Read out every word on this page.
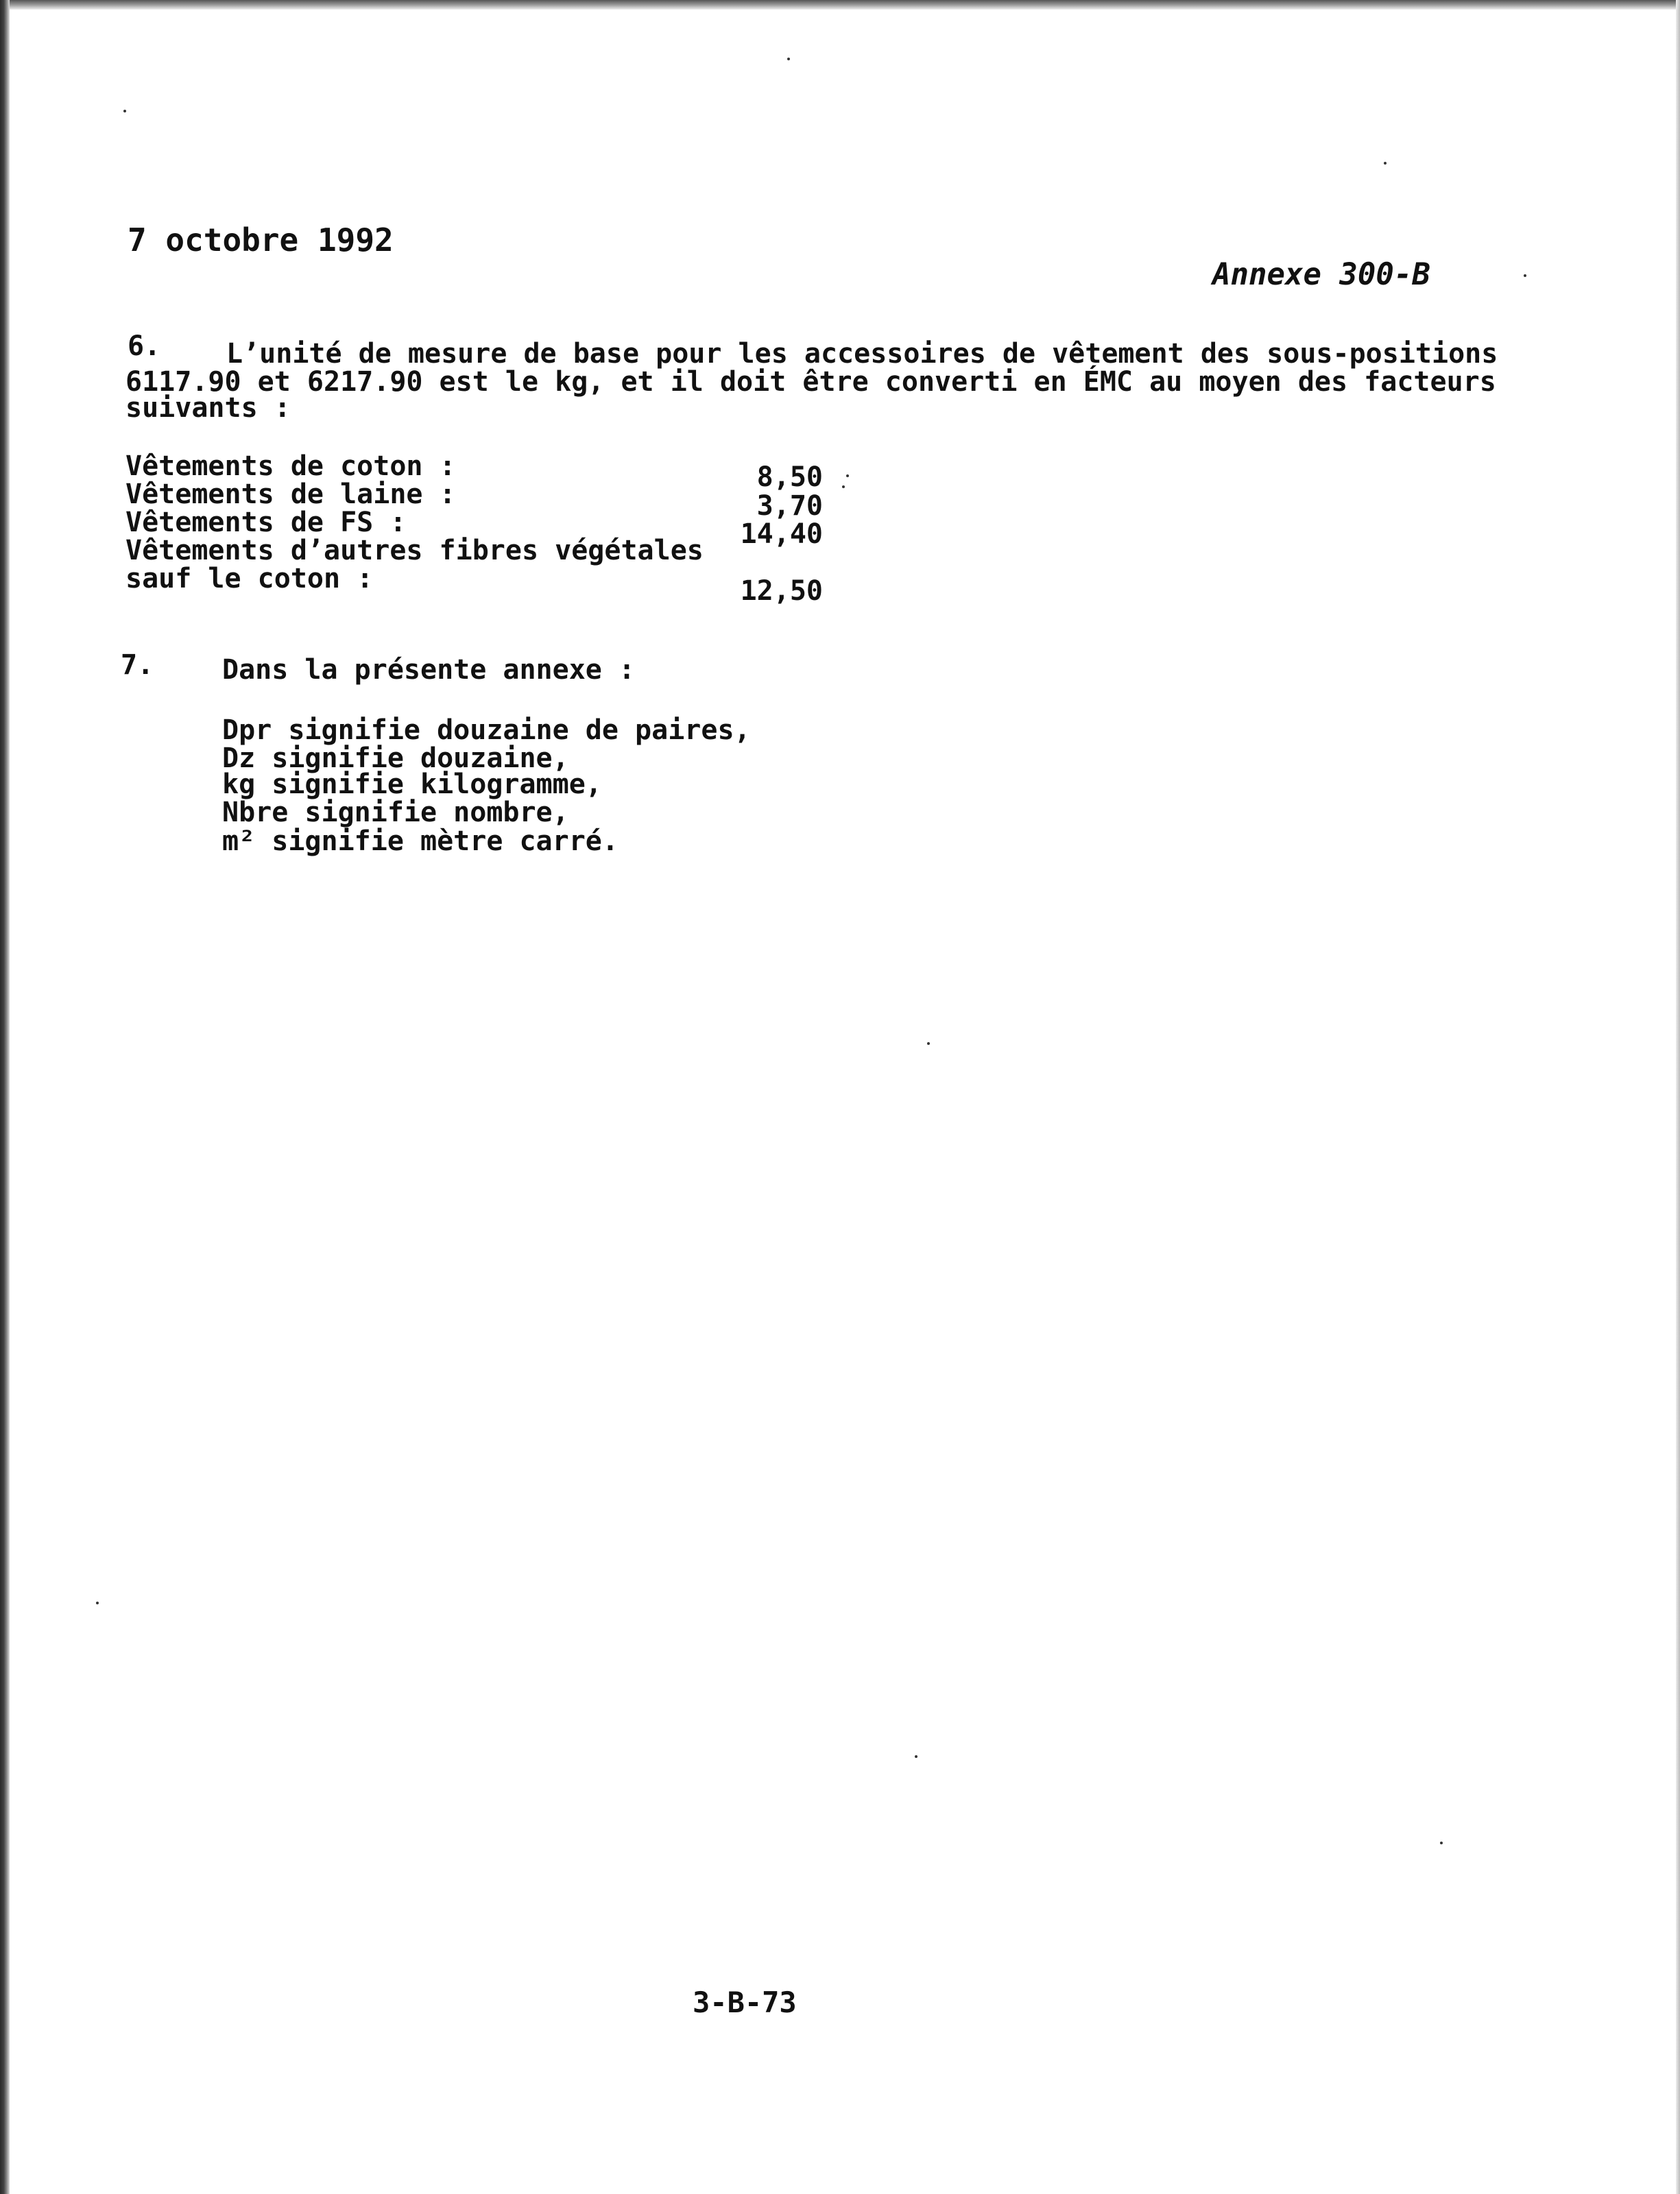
7 octobre 1992
Annexe 300-B
6. L’unité de mesure de base pour les accessoires de vêtement des sous-positions
6117.90 et 6217.90 est le kg, et il doit être converti en ÉMC au moyen des facteurs
suivants :
Vêtements de coton :	8,50
Vêtements de laine :	3,70
Vêtements de FS :	14,40
Vêtements d’autres fibres végétales
sauf le coton :	12,50
7. Dans la présente annexe :
Dpr signifie douzaine de paires,
Dz signifie douzaine,
kg signifie kilogramme,
Nbre signifie nombre,
m² signifie mètre carré.
3-B-73
